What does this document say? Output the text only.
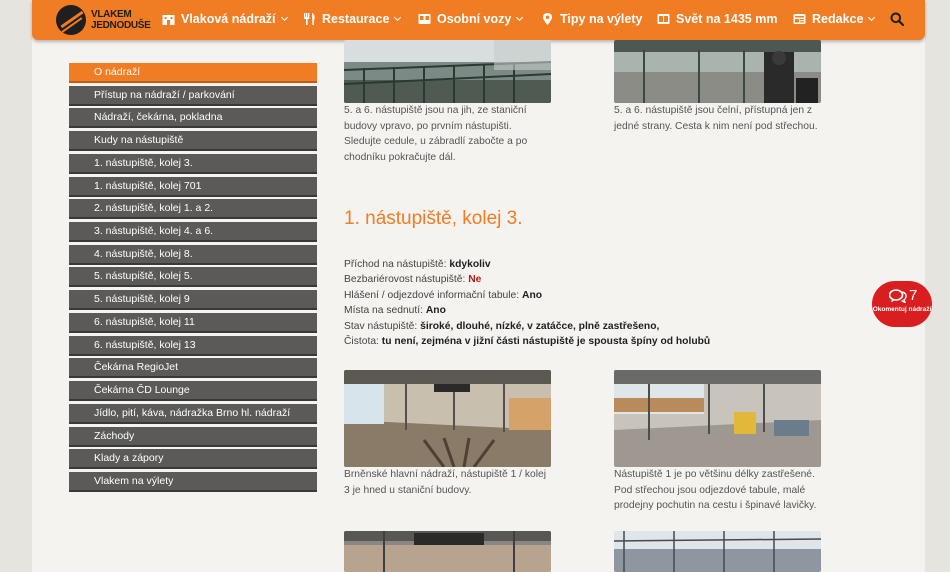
VLAKEM
JEDNODUŠE Vlaková nádraží	Restaurace	Osobní vozy	Tipy na výlety	Svět na 1435 mm	Redakce
O nádraží
Přístup na nádraží / parkování
Nádraží, čekárna, pokladna
Kudy na nástupiště
1. nástupiště, kolej 3.
1. nástupiště, kolej 701
2. nástupiště, kolej 1. a 2.
3. nástupiště, kolej 4. a 6.
4. nástupiště, kolej 8.
5. nástupiště, kolej 5.
5. nástupiště, kolej 9
6. nástupiště, kolej 11
6. nástupiště, kolej 13
Čekárna RegioJet
Čekárna ČD Lounge
Jídlo, pití, káva, nádražka Brno hl. nádraží
Záchody
Klady a zápory
Vlakem na výlety
5. a 6. nástupiště jsou na jih, ze staniční budovy vpravo, po prvním nástupišti. Sledujte cedule, u zábradlí zabočte a po chodníku pokračujte dál.
5. a 6. nástupiště jsou čelní, přístupná jen z jedné strany. Cesta k nim není pod střechou.
1. nástupiště, kolej 3.
Příchod na nástupiště: kdykoliv
Bezbariérovost nástupiště: Ne
Hlášení / odjezdové informační tabule: Ano
Místa na sednutí: Ano
Stav nástupiště: široké, dlouhé, nízké, v zatáčce, plně zastřešeno,
Čistota: tu není, zejména v jižní části nástupiště je spousta špíny od holubů
Brněnské hlavní nádraží, nástupiště 1 / kolej 3 je hned u staniční budovy.
Nástupiště 1 je po většinu délky zastřešené. Pod střechou jsou odjezdové tabule, malé prodejny pochutin na cestu i špinavé lavičky.
7
Okomentuj nádraží
